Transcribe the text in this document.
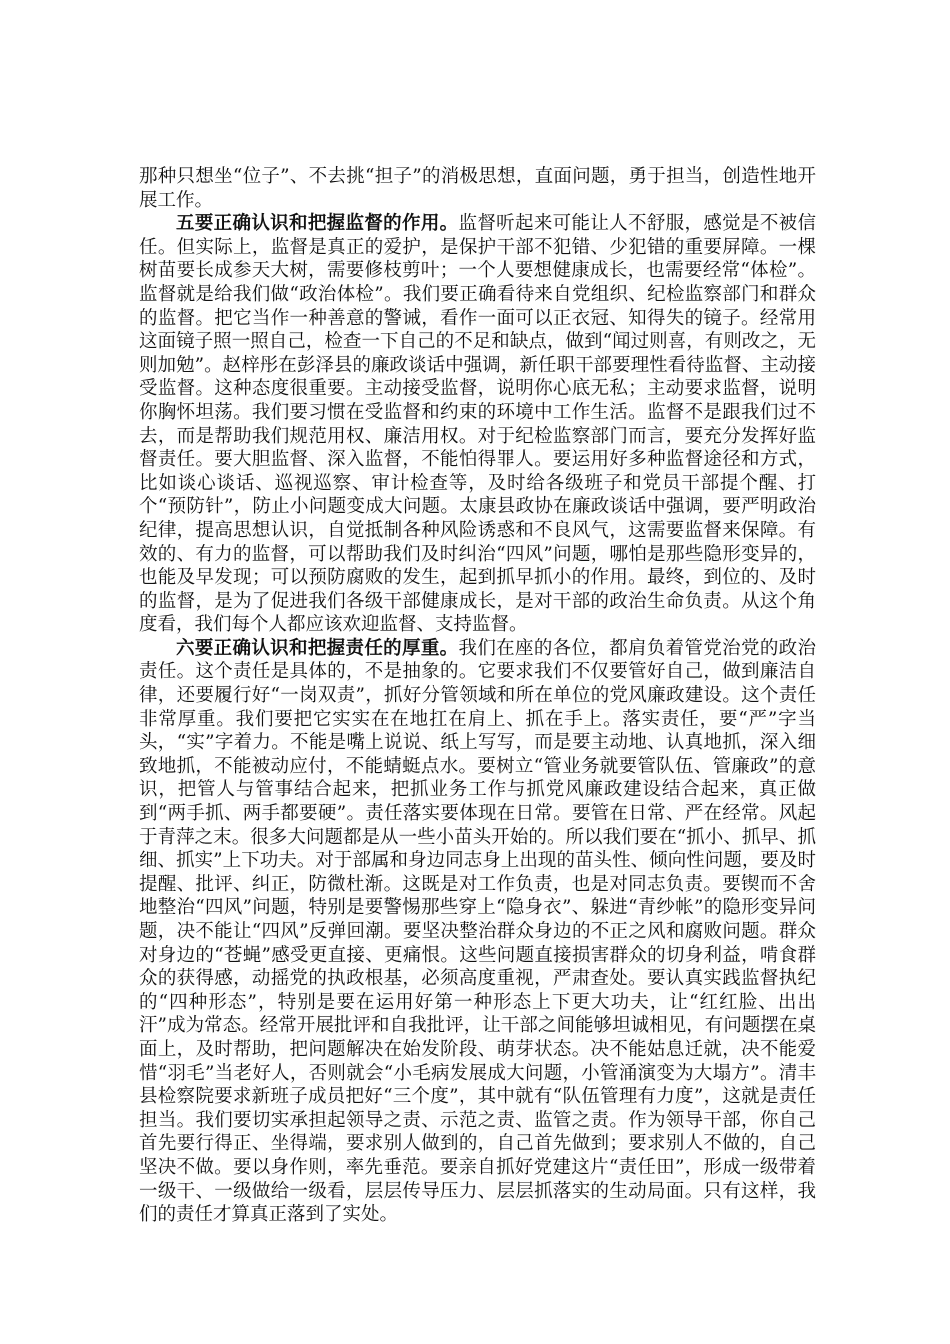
那种只想坐“位子”、不去挑“担子”的消极思想，直面问题，勇于担当，创造性地开展工作。

五要正确认识和把握监督的作用。监督听起来可能让人不舒服，感觉是不被信任。但实际上，监督是真正的爱护，是保护干部不犯错、少犯错的重要屏障。一棵树苗要长成参天大树，需要修枝剪叶；一个人要想健康成长，也需要经常“体检”。监督就是给我们做“政治体检”。我们要正确看待来自党组织、纪检监察部门和群众的监督。把它当作一种善意的警诫，看作一面可以正衣冠、知得失的镜子。经常用这面镜子照一照自己，检查一下自己的不足和缺点，做到“闻过则喜，有则改之，无则加勉”。赵梓彤在彭泽县的廉政谈话中强调，新任职干部要理性看待监督、主动接受监督。这种态度很重要。主动接受监督，说明你心底无私；主动要求监督，说明你胸怀坦荡。我们要习惯在受监督和约束的环境中工作生活。监督不是跟我们过不去，而是帮助我们规范用权、廉洁用权。对于纪检监察部门而言，要充分发挥好监督责任。要大胆监督、深入监督，不能怕得罪人。要运用好多种监督途径和方式，比如谈心谈话、巡视巡察、审计检查等，及时给各级班子和党员干部提个醒、打个“预防针”，防止小问题变成大问题。太康县政协在廉政谈话中强调，要严明政治纪律，提高思想认识，自觉抵制各种风险诱惑和不良风气，这需要监督来保障。有效的、有力的监督，可以帮助我们及时纠治“四风”问题，哪怕是那些隐形变异的，也能及早发现；可以预防腐败的发生，起到抓早抓小的作用。最终，到位的、及时的监督，是为了促进我们各级干部健康成长，是对干部的政治生命负责。从这个角度看，我们每个人都应该欢迎监督、支持监督。

六要正确认识和把握责任的厚重。我们在座的各位，都肩负着管党治党的政治责任。这个责任是具体的，不是抽象的。它要求我们不仅要管好自己，做到廉洁自律，还要履行好“一岗双责”，抓好分管领域和所在单位的党风廉政建设。这个责任非常厚重。我们要把它实实在在地扛在肩上、抓在手上。落实责任，要“严”字当头，“实”字着力。不能是嘴上说说、纸上写写，而是要主动地、认真地抓，深入细致地抓，不能被动应付，不能蜻蜓点水。要树立“管业务就要管队伍、管廉政”的意识，把管人与管事结合起来，把抓业务工作与抓党风廉政建设结合起来，真正做到“两手抓、两手都要硬”。责任落实要体现在日常。要管在日常、严在经常。风起于青萍之末。很多大问题都是从一些小苗头开始的。所以我们要在“抓小、抓早、抓细、抓实”上下功夫。对于部属和身边同志身上出现的苗头性、倾向性问题，要及时提醒、批评、纠正，防微杜渐。这既是对工作负责，也是对同志负责。要锲而不舍地整治“四风”问题，特别是要警惕那些穿上“隐身衣”、躲进“青纱帐”的隐形变异问题，决不能让“四风”反弹回潮。要坚决整治群众身边的不正之风和腐败问题。群众对身边的“苍蝇”感受更直接、更痛恨。这些问题直接损害群众的切身利益，啃食群众的获得感，动摇党的执政根基，必须高度重视，严肃查处。要认真实践监督执纪的“四种形态”，特别是要在运用好第一种形态上下更大功夫，让“红红脸、出出汗”成为常态。经常开展批评和自我批评，让干部之间能够坦诚相见，有问题摆在桌面上，及时帮助，把问题解决在始发阶段、萌芽状态。决不能姑息迁就，决不能爱惜“羽毛”当老好人，否则就会“小毛病发展成大问题，小管涌演变为大塌方”。清丰县检察院要求新班子成员把好“三个度”，其中就有“队伍管理有力度”，这就是责任担当。我们要切实承担起领导之责、示范之责、监管之责。作为领导干部，你自己首先要行得正、坐得端，要求别人做到的，自己首先做到；要求别人不做的，自己坚决不做。要以身作则，率先垂范。要亲自抓好党建这片“责任田”，形成一级带着一级干、一级做给一级看，层层传导压力、层层抓落实的生动局面。只有这样，我们的责任才算真正落到了实处。
